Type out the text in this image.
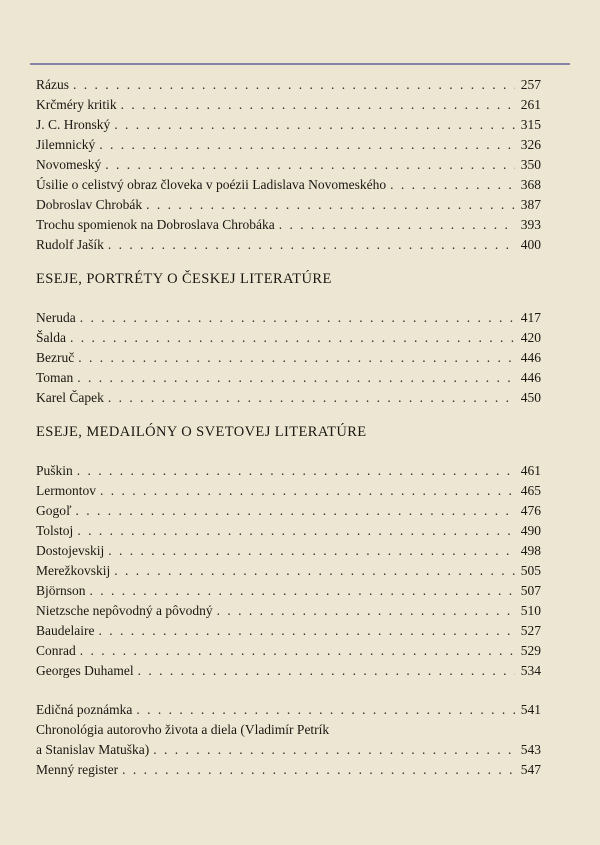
Rázus . . .	257
Krčméry kritik . . .	261
J. C. Hronský . . .	315
Jilemnický . . .	326
Novomeský . . .	350
Úsilie o celistvý obraz človeka v poézii Ladislava Novomeského . . .	368
Dobroslav Chrobák . . .	387
Trochu spomienok na Dobroslava Chrobáka . . .	393
Rudolf Jašík . . .	400
ESEJE, PORTRÉTY O ČESKEJ LITERATÚRE
Neruda . . .	417
Šalda . . .	420
Bezruč . . .	446
Toman . . .	446
Karel Čapek . . .	450
ESEJE, MEDAILÓNY O SVETOVEJ LITERATÚRE
Puškin . . .	461
Lermontov . . .	465
Gogoľ . . .	476
Tolstoj . . .	490
Dostojevskij . . .	498
Merežkovskij . . .	505
Björnson . . .	507
Nietzsche nepôvodný a pôvodný . . .	510
Baudelaire . . .	527
Conrad . . .	529
Georges Duhamel . . .	534
Edičná poznámka . . .	541
Chronológia autorovho života a diela (Vladimír Petrík
a Stanislav Matuška) . . .	543
Menný register . . .	547
